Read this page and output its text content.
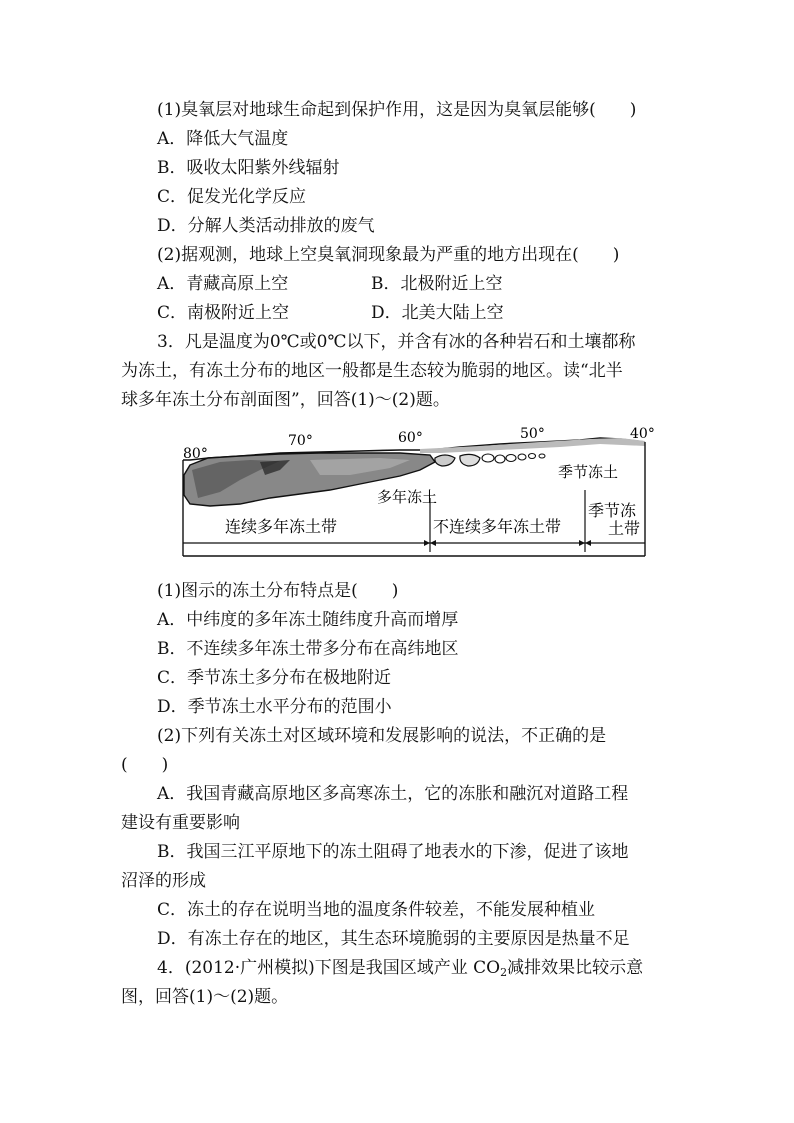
(1)臭氧层对地球生命起到保护作用，这是因为臭氧层能够(　　)
A．降低大气温度
B．吸收太阳紫外线辐射
C．促发光化学反应
D．分解人类活动排放的废气
(2)据观测，地球上空臭氧洞现象最为严重的地方出现在(　　)
A．青藏高原上空	B．北极附近上空
C．南极附近上空	D．北美大陆上空
3．凡是温度为0℃或0℃以下，并含有冰的各种岩石和土壤都称
为冻土，有冻土分布的地区一般都是生态较为脆弱的地区。读“北半
球多年冻土分布剖面图”，回答(1)～(2)题。
80°
70°	60°	50°	40°
多年冻土
季节冻土
连续多年冻土带	不连续多年冻土带
季节冻
土带
(1)图示的冻土分布特点是(　　)
A．中纬度的多年冻土随纬度升高而增厚
B．不连续多年冻土带多分布在高纬地区
C．季节冻土多分布在极地附近
D．季节冻土水平分布的范围小
(2)下列有关冻土对区域环境和发展影响的说法，不正确的是
(　　)
A．我国青藏高原地区多高寒冻土，它的冻胀和融沉对道路工程
建设有重要影响
B．我国三江平原地下的冻土阻碍了地表水的下渗，促进了该地
沼泽的形成
C．冻土的存在说明当地的温度条件较差，不能发展种植业
D．有冻土存在的地区，其生态环境脆弱的主要原因是热量不足
4．(2012·广州模拟)下图是我国区域产业 $CO_2$减排效果比较示意
图，回答(1)～(2)题。
